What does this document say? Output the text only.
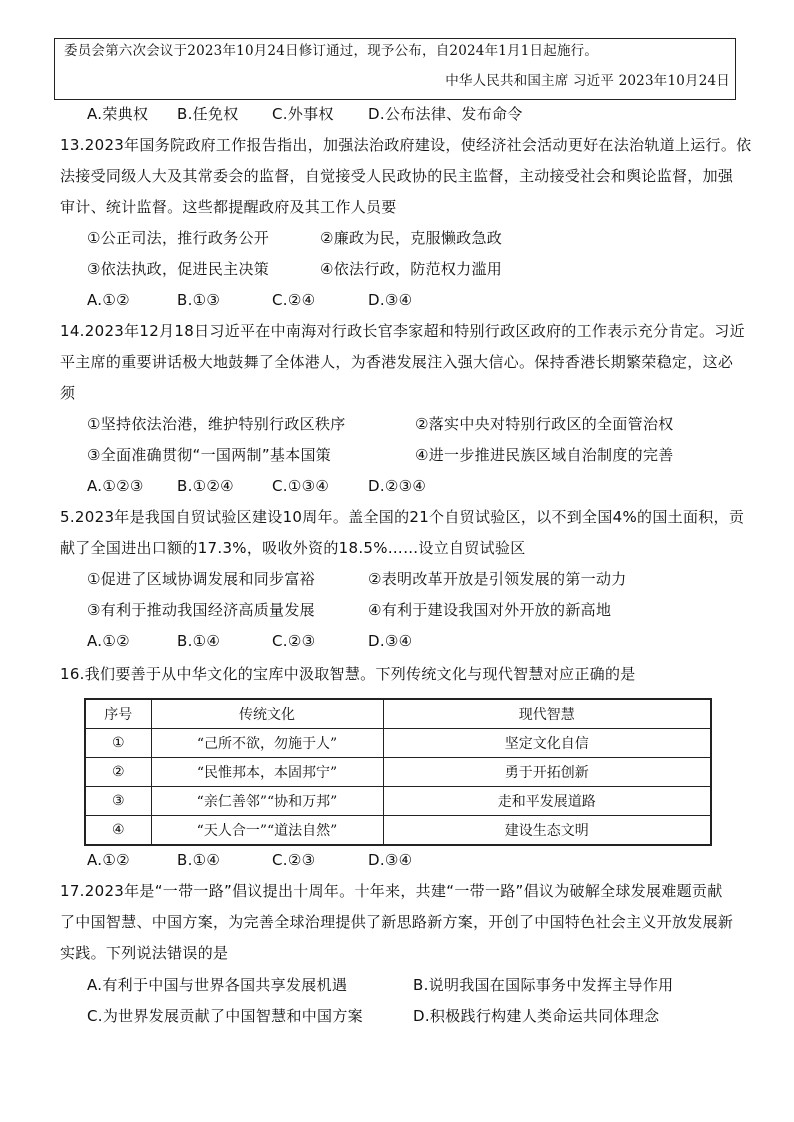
委员会第六次会议于2023年10月24日修订通过，现予公布，自2024年1月1日起施行。
中华人民共和国主席 习近平 2023年10月24日
A.荣典权 B.任免权 C.外事权 D.公布法律、发布命令
13.2023年国务院政府工作报告指出，加强法治政府建设，使经济社会活动更好在法治轨道上运行。依
法接受同级人大及其常委会的监督，自觉接受人民政协的民主监督，主动接受社会和舆论监督，加强
审计、统计监督。这些都提醒政府及其工作人员要
①公正司法，推行政务公开	②廉政为民，克服懒政急政
③依法执政，促进民主决策	④依法行政，防范权力滥用
A.①②	B.①③	C.②④	D.③④
14.2023年12月18日习近平在中南海对行政长官李家超和特别行政区政府的工作表示充分肯定。习近
平主席的重要讲话极大地鼓舞了全体港人，为香港发展注入强大信心。保持香港长期繁荣稳定，这必
须
①坚持依法治港，维护特别行政区秩序	②落实中央对特别行政区的全面管治权
③全面准确贯彻“一国两制”基本国策	④进一步推进民族区域自治制度的完善
A.①②③ B.①②④	C.①③④	D.②③④
5.2023年是我国自贸试验区建设10周年。盖全国的21个自贸试验区，以不到全国4%的国土面积，贡
献了全国进出口额的17.3%，吸收外资的18.5%……设立自贸试验区
①促进了区域协调发展和同步富裕	②表明改革开放是引领发展的第一动力
③有利于推动我国经济高质量发展	④有利于建设我国对外开放的新高地
A.①②	B.①④	C.②③	D.③④
16.我们要善于从中华文化的宝库中汲取智慧。下列传统文化与现代智慧对应正确的是
序号	传统文化	现代智慧
①	“己所不欲，勿施于人”	坚定文化自信
②	“民惟邦本，本固邦宁”	勇于开拓创新
③	“亲仁善邻”“协和万邦”	走和平发展道路
④	“天人合一”“道法自然”	建设生态文明
A.①②	B.①④	C.②③	D.③④
17.2023年是“一带一路”倡议提出十周年。十年来，共建“一带一路”倡议为破解全球发展难题贡献
了中国智慧、中国方案，为完善全球治理提供了新思路新方案，开创了中国特色社会主义开放发展新
实践。下列说法错误的是
A.有利于中国与世界各国共享发展机遇	B.说明我国在国际事务中发挥主导作用
C.为世界发展贡献了中国智慧和中国方案	D.积极践行构建人类命运共同体理念
